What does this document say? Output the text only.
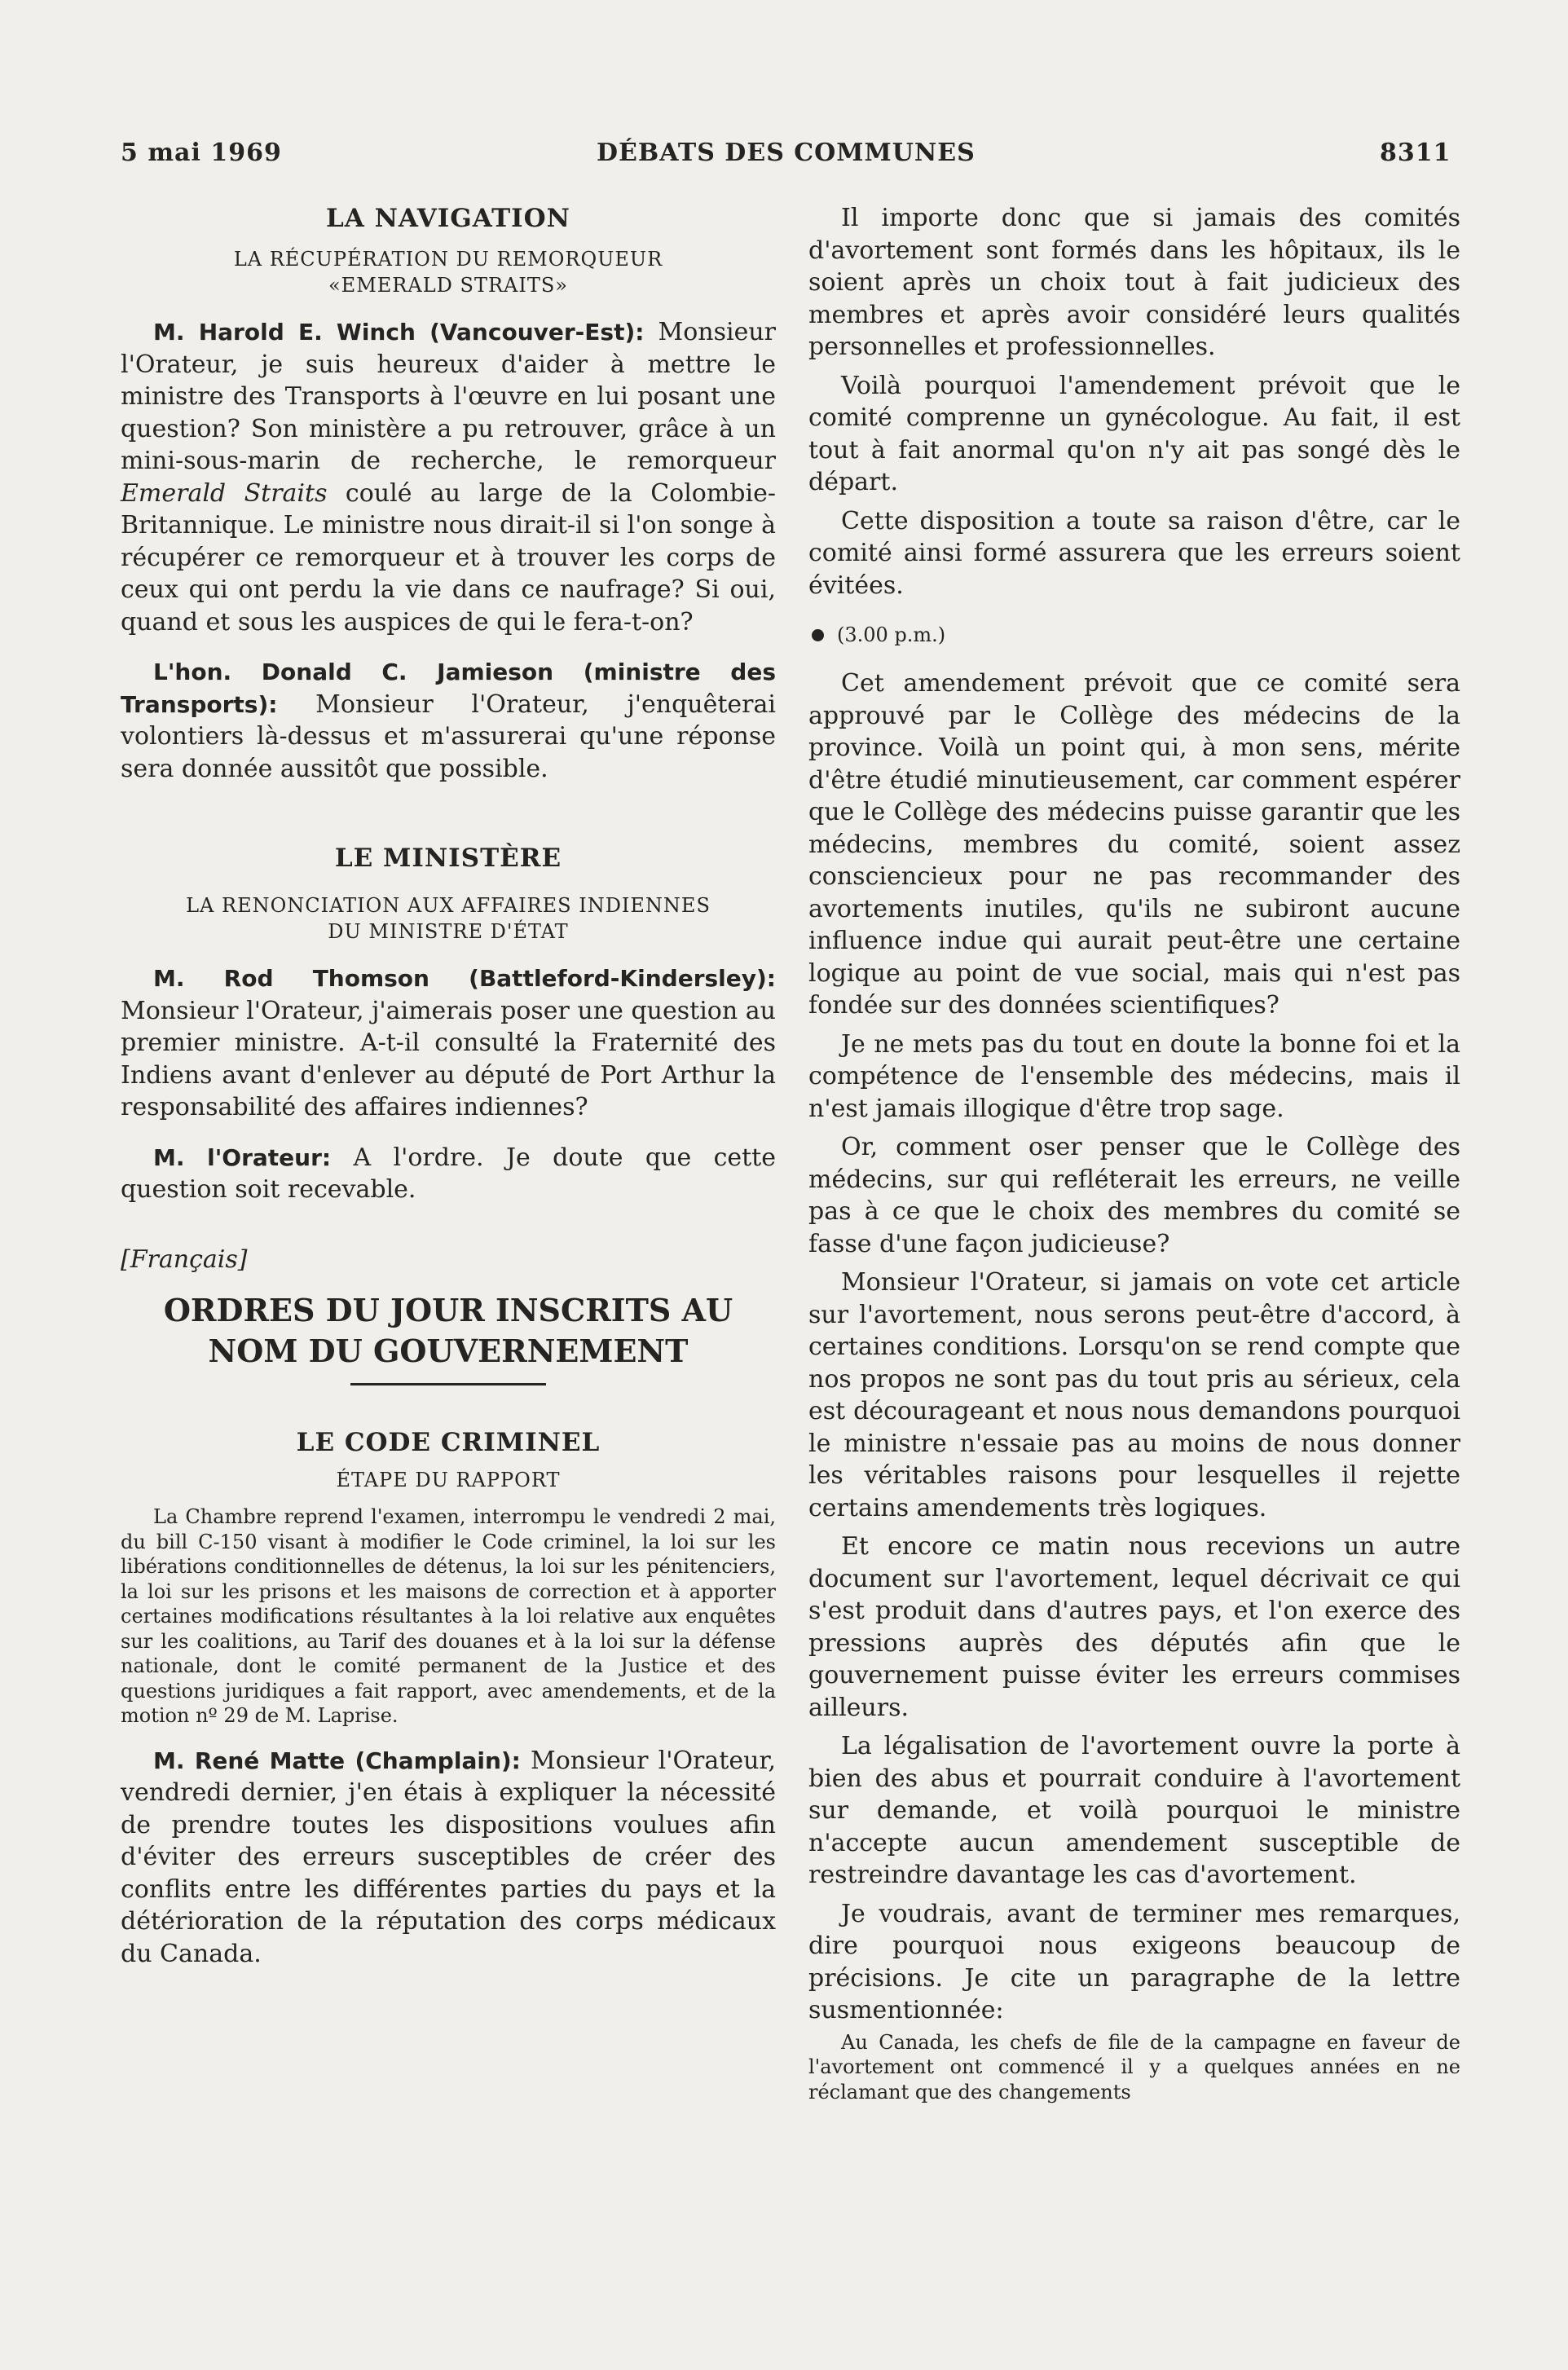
5 mai 1969	DÉBATS DES COMMUNES	8311
LA NAVIGATION
LA RÉCUPÉRATION DU REMORQUEUR
«EMERALD STRAITS»

M. Harold E. Winch (Vancouver-Est): Monsieur l'Orateur, je suis heureux d'aider à mettre le ministre des Transports à l'œuvre en lui posant une question? Son ministère a pu retrouver, grâce à un mini-sous-marin de recherche, le remorqueur Emerald Straits coulé au large de la Colombie-Britannique. Le ministre nous dirait-il si l'on songe à récupérer ce remorqueur et à trouver les corps de ceux qui ont perdu la vie dans ce naufrage? Si oui, quand et sous les auspices de qui le fera-t-on?

L'hon. Donald C. Jamieson (ministre des Transports): Monsieur l'Orateur, j'enquêterai volontiers là-dessus et m'assurerai qu'une réponse sera donnée aussitôt que possible.

LE MINISTÈRE
LA RENONCIATION AUX AFFAIRES INDIENNES
DU MINISTRE D'ÉTAT

M. Rod Thomson (Battleford-Kindersley): Monsieur l'Orateur, j'aimerais poser une question au premier ministre. A-t-il consulté la Fraternité des Indiens avant d'enlever au député de Port Arthur la responsabilité des affaires indiennes?

M. l'Orateur: A l'ordre. Je doute que cette question soit recevable.

[Français]

ORDRES DU JOUR INSCRITS AU
NOM DU GOUVERNEMENT
LE CODE CRIMINEL
ÉTAPE DU RAPPORT

La Chambre reprend l'examen, interrompu le vendredi 2 mai, du bill C-150 visant à modifier le Code criminel, la loi sur les libérations conditionnelles de détenus, la loi sur les pénitenciers, la loi sur les prisons et les maisons de correction et à apporter certaines modifications résultantes à la loi relative aux enquêtes sur les coalitions, au Tarif des douanes et à la loi sur la défense nationale, dont le comité permanent de la Justice et des questions juridiques a fait rapport, avec amendements, et de la motion nº 29 de M. Laprise.

M. René Matte (Champlain): Monsieur l'Orateur, vendredi dernier, j'en étais à expliquer la nécessité de prendre toutes les dispositions voulues afin d'éviter des erreurs susceptibles de créer des conflits entre les différentes parties du pays et la détérioration de la réputation des corps médicaux du Canada.

Il importe donc que si jamais des comités d'avortement sont formés dans les hôpitaux, ils le soient après un choix tout à fait judicieux des membres et après avoir considéré leurs qualités personnelles et professionnelles.

Voilà pourquoi l'amendement prévoit que le comité comprenne un gynécologue. Au fait, il est tout à fait anormal qu'on n'y ait pas songé dès le départ.

Cette disposition a toute sa raison d'être, car le comité ainsi formé assurera que les erreurs soient évitées.

(3.00 p.m.)

Cet amendement prévoit que ce comité sera approuvé par le Collège des médecins de la province. Voilà un point qui, à mon sens, mérite d'être étudié minutieusement, car comment espérer que le Collège des médecins puisse garantir que les médecins, membres du comité, soient assez consciencieux pour ne pas recommander des avortements inutiles, qu'ils ne subiront aucune influence indue qui aurait peut-être une certaine logique au point de vue social, mais qui n'est pas fondée sur des données scientifiques?

Je ne mets pas du tout en doute la bonne foi et la compétence de l'ensemble des médecins, mais il n'est jamais illogique d'être trop sage.

Or, comment oser penser que le Collège des médecins, sur qui refléterait les erreurs, ne veille pas à ce que le choix des membres du comité se fasse d'une façon judicieuse?

Monsieur l'Orateur, si jamais on vote cet article sur l'avortement, nous serons peut-être d'accord, à certaines conditions. Lorsqu'on se rend compte que nos propos ne sont pas du tout pris au sérieux, cela est décourageant et nous nous demandons pourquoi le ministre n'essaie pas au moins de nous donner les véritables raisons pour lesquelles il rejette certains amendements très logiques.

Et encore ce matin nous recevions un autre document sur l'avortement, lequel décrivait ce qui s'est produit dans d'autres pays, et l'on exerce des pressions auprès des députés afin que le gouvernement puisse éviter les erreurs commises ailleurs.

La légalisation de l'avortement ouvre la porte à bien des abus et pourrait conduire à l'avortement sur demande, et voilà pourquoi le ministre n'accepte aucun amendement susceptible de restreindre davantage les cas d'avortement.

Je voudrais, avant de terminer mes remarques, dire pourquoi nous exigeons beaucoup de précisions. Je cite un paragraphe de la lettre susmentionnée:

Au Canada, les chefs de file de la campagne en faveur de l'avortement ont commencé il y a quelques années en ne réclamant que des changements
